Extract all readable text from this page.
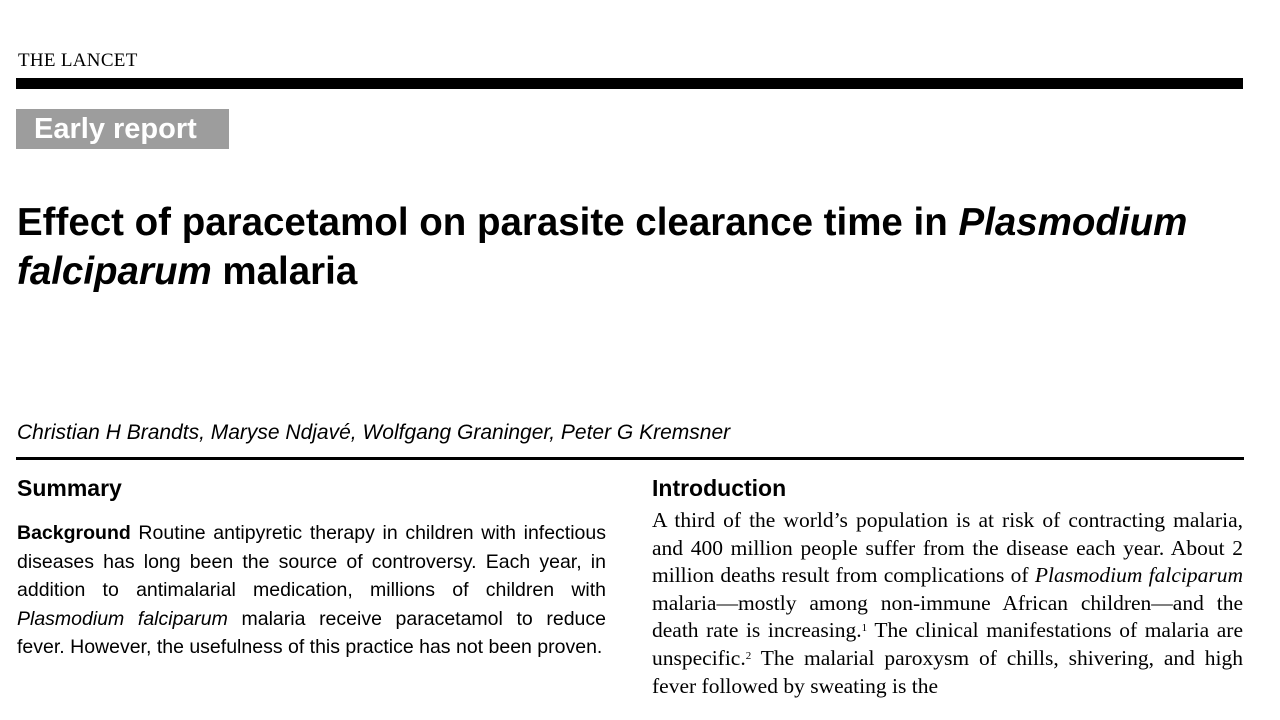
THE LANCET
Early report
Effect of paracetamol on parasite clearance time in Plasmodium
falciparum malaria
Christian H Brandts, Maryse Ndjavé, Wolfgang Graninger, Peter G Kremsner
Summary

Background Routine antipyretic therapy in children with infectious diseases has long been the source of controversy. Each year, in addition to antimalarial medication, millions of children with Plasmodium falciparum malaria receive paracetamol to reduce fever. However, the usefulness of this practice has not been proven.

Introduction

A third of the world’s population is at risk of contracting malaria, and 400 million people suffer from the disease each year. About 2 million deaths result from complications of Plasmodium falciparum malaria—mostly among non-immune African children—and the death rate is increasing.$^1$ The clinical manifestations of malaria are unspecific.$^2$ The malarial paroxysm of chills, shivering, and high fever followed by sweating is the
